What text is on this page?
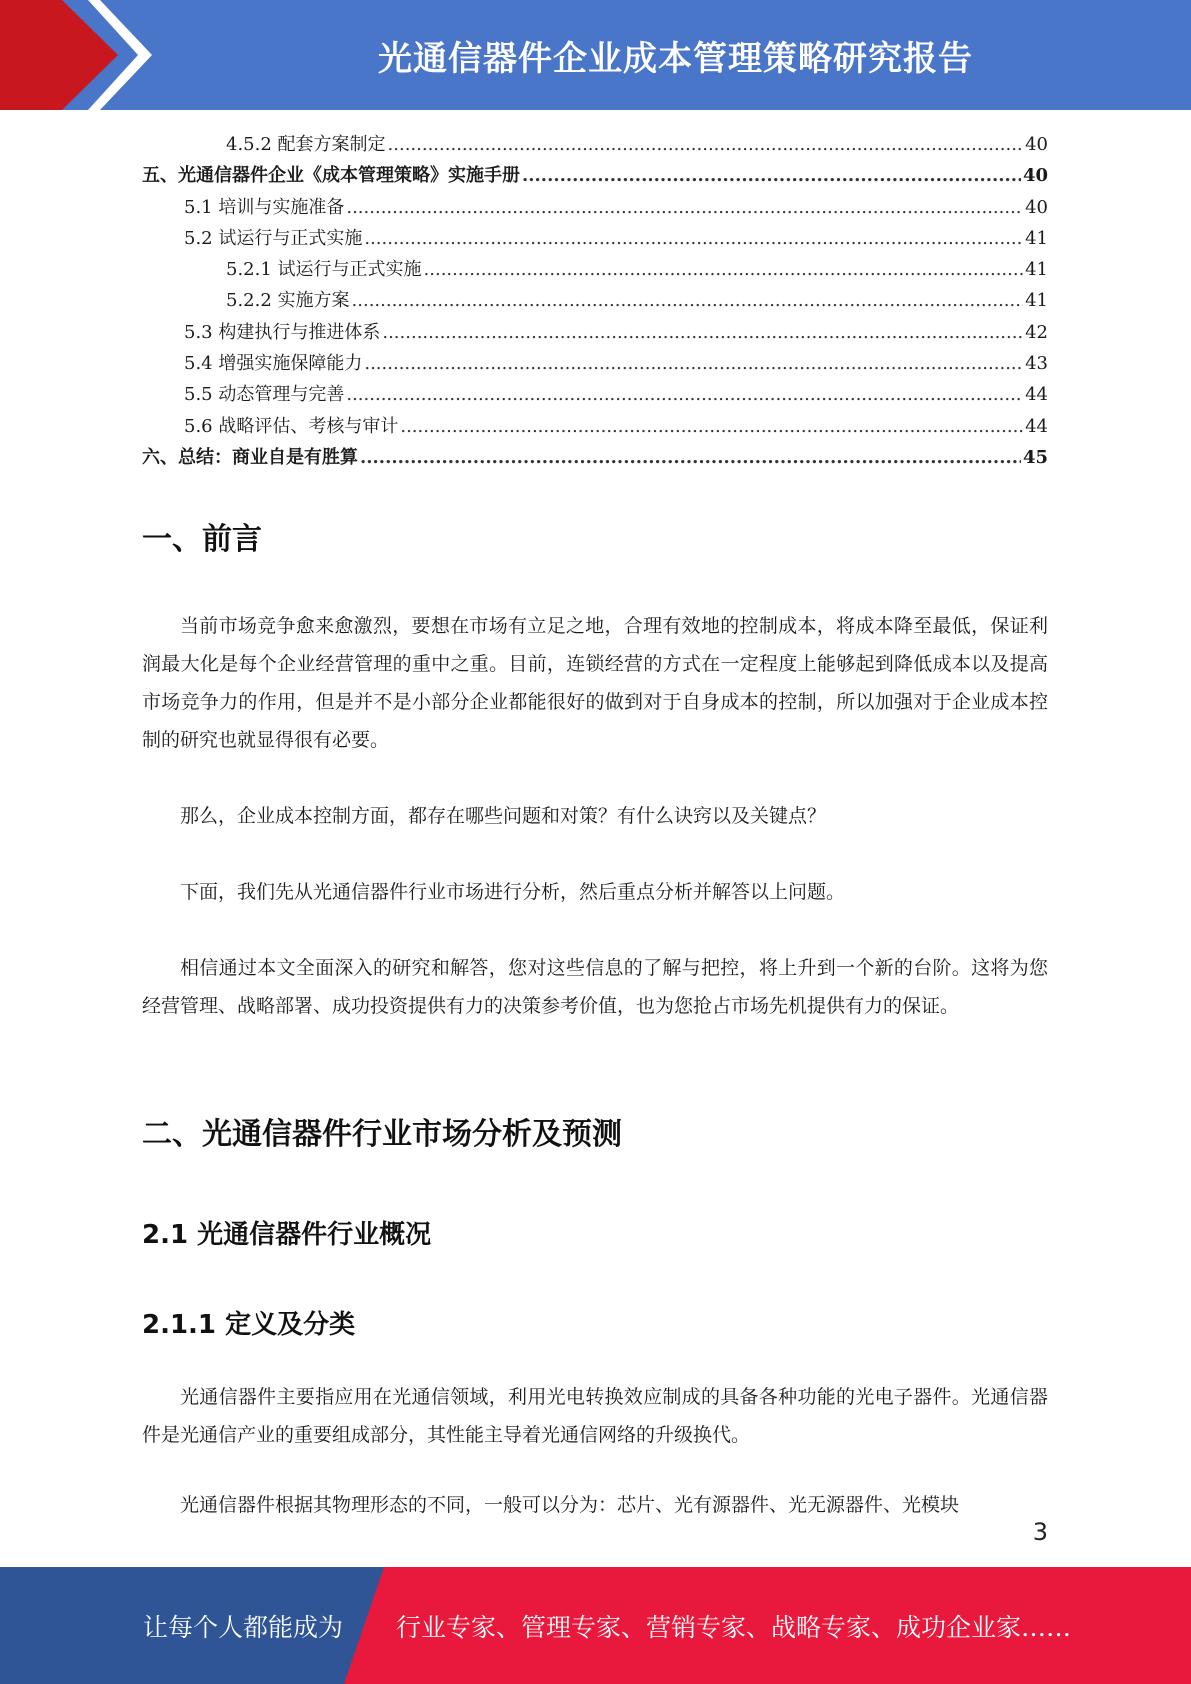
光通信器件企业成本管理策略研究报告
4.5.2 配套方案制定 .....	40
五、光通信器件企业《成本管理策略》实施手册 .....	40
5.1 培训与实施准备 .....	40
5.2 试运行与正式实施 .....	41
5.2.1 试运行与正式实施 .....	41
5.2.2 实施方案 .....	41
5.3 构建执行与推进体系 .....	42
5.4 增强实施保障能力 .....	43
5.5 动态管理与完善 .....	44
5.6 战略评估、考核与审计 .....	44
六、总结：商业自是有胜算 .....	45
一、前言

当前市场竞争愈来愈激烈，要想在市场有立足之地，合理有效地的控制成本，将成本降至最低，保证利润最大化是每个企业经营管理的重中之重。目前，连锁经营的方式在一定程度上能够起到降低成本以及提高市场竞争力的作用，但是并不是小部分企业都能很好的做到对于自身成本的控制，所以加强对于企业成本控制的研究也就显得很有必要。

那么，企业成本控制方面，都存在哪些问题和对策？有什么诀窍以及关键点？

下面，我们先从光通信器件行业市场进行分析，然后重点分析并解答以上问题。

相信通过本文全面深入的研究和解答，您对这些信息的了解与把控，将上升到一个新的台阶。这将为您经营管理、战略部署、成功投资提供有力的决策参考价值，也为您抢占市场先机提供有力的保证。

二、光通信器件行业市场分析及预测
2.1 光通信器件行业概况
2.1.1 定义及分类

光通信器件主要指应用在光通信领域，利用光电转换效应制成的具备各种功能的光电子器件。光通信器件是光通信产业的重要组成部分，其性能主导着光通信网络的升级换代。

光通信器件根据其物理形态的不同，一般可以分为：芯片、光有源器件、光无源器件、光模块

3
让每个人都能成为 行业专家、管理专家、营销专家、战略专家、成功企业家……
